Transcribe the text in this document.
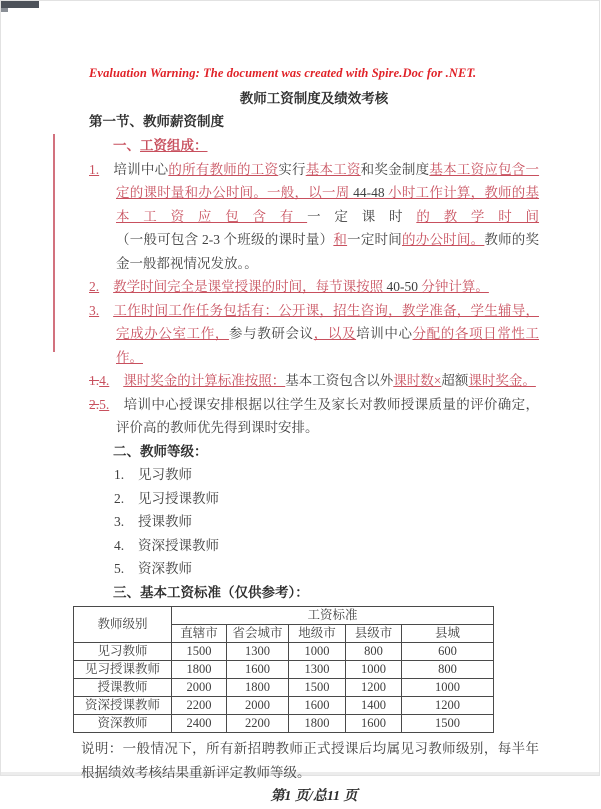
Evaluation Warning: The document was created with Spire.Doc for .NET.
教师工资制度及绩效考核
第一节、教师薪资制度
一、工资组成：
1. 培训中心的所有教师的工资实行基本工资和奖金制度基本工资应包含一定的课时量和办公时间。一般，以一周 44-48 小时工作计算，教师的基本工资应包含有一定课时的教学时间（一般可包含 2-3 个班级的课时量）和一定时间的办公时间。教师的奖金一般都视情况发放。。
2. 教学时间完全是课堂授课的时间，每节课按照 40-50 分钟计算。
3. 工作时间工作任务包括有：公开课，招生咨询，教学准备，学生辅导，完成办公室工作，参与教研会议，以及培训中心分配的各项日常性工作。
1.4. 课时奖金的计算标准按照：基本工资包含以外课时数×超额课时奖金。
2.5. 培训中心授课安排根据以往学生及家长对教师授课质量的评价确定，评价高的教师优先得到课时安排。
二、教师等级：
1. 见习教师
2. 见习授课教师
3. 授课教师
4. 资深授课教师
5. 资深教师
三、基本工资标准（仅供参考）：
教师级别	工资标准				
	直辖市	省会城市	地级市	县级市	县城
见习教师	1500	1300	1000	800	600
见习授课教师	1800	1600	1300	1000	800
授课教师	2000	1800	1500	1200	1000
资深授课教师	2200	2000	1600	1400	1200
资深教师	2400	2200	1800	1600	1500
说明：一般情况下，所有新招聘教师正式授课后均属见习教师级别，每半年根据绩效考核结果重新评定教师等级。
第1 页/总11 页
